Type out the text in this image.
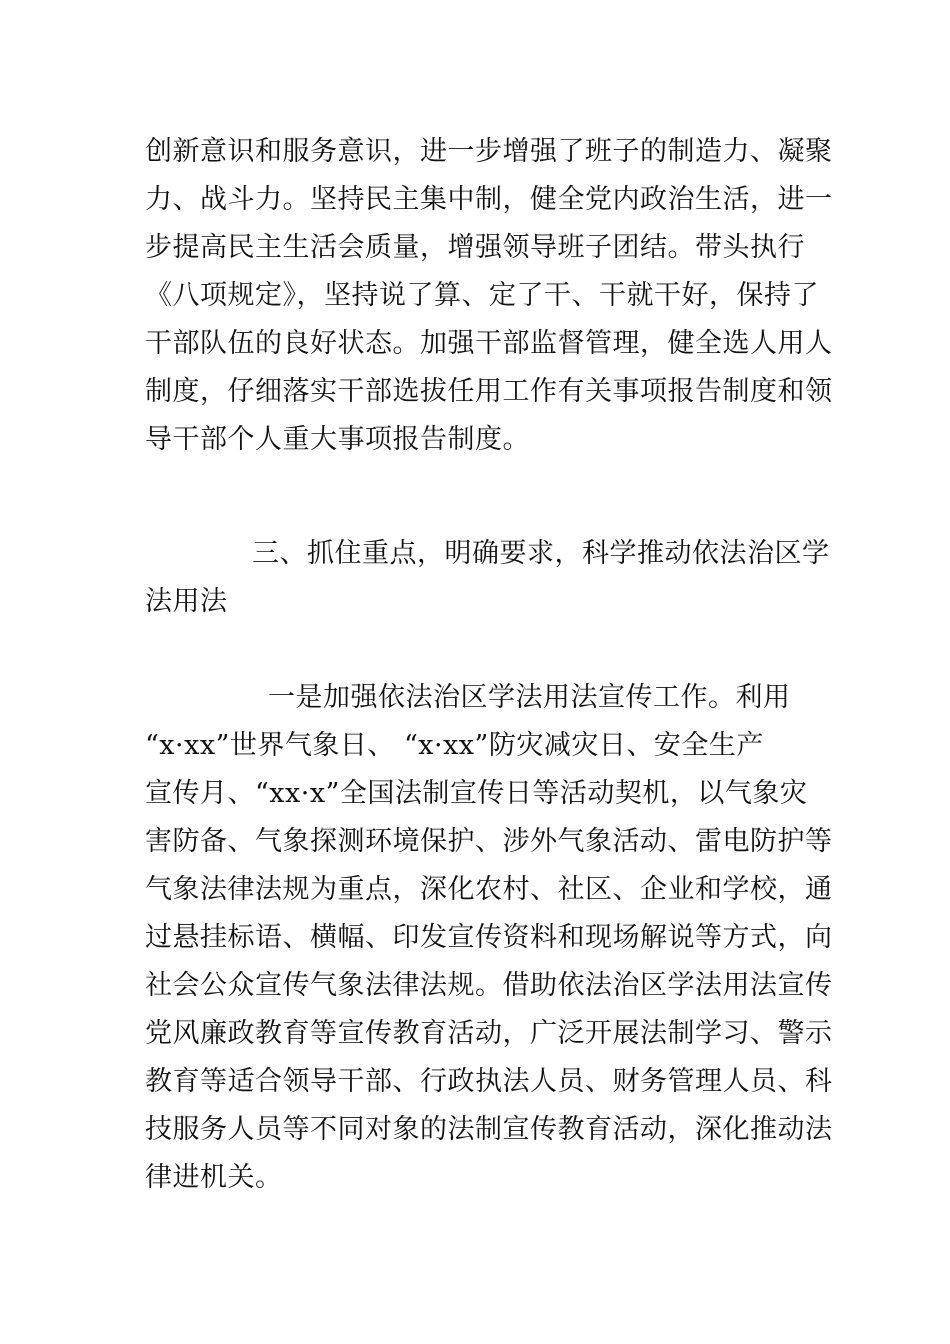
创新意识和服务意识，进一步增强了班子的制造力、凝聚
力、战斗力。坚持民主集中制，健全党内政治生活，进一
步提高民主生活会质量，增强领导班子团结。带头执行
《八项规定》，坚持说了算、定了干、干就干好，保持了
干部队伍的良好状态。加强干部监督管理，健全选人用人
制度，仔细落实干部选拔任用工作有关事项报告制度和领
导干部个人重大事项报告制度。
三、抓住重点，明确要求，科学推动依法治区学
法用法
一是加强依法治区学法用法宣传工作。利用
“x·xx”世界气象日、 “x·xx”防灾减灾日、安全生产
宣传月、“xx·x”全国法制宣传日等活动契机，以气象灾
害防备、气象探测环境保护、涉外气象活动、雷电防护等
气象法律法规为重点，深化农村、社区、企业和学校，通
过悬挂标语、横幅、印发宣传资料和现场解说等方式，向
社会公众宣传气象法律法规。借助依法治区学法用法宣传
党风廉政教育等宣传教育活动，广泛开展法制学习、警示
教育等适合领导干部、行政执法人员、财务管理人员、科
技服务人员等不同对象的法制宣传教育活动，深化推动法
律进机关。
